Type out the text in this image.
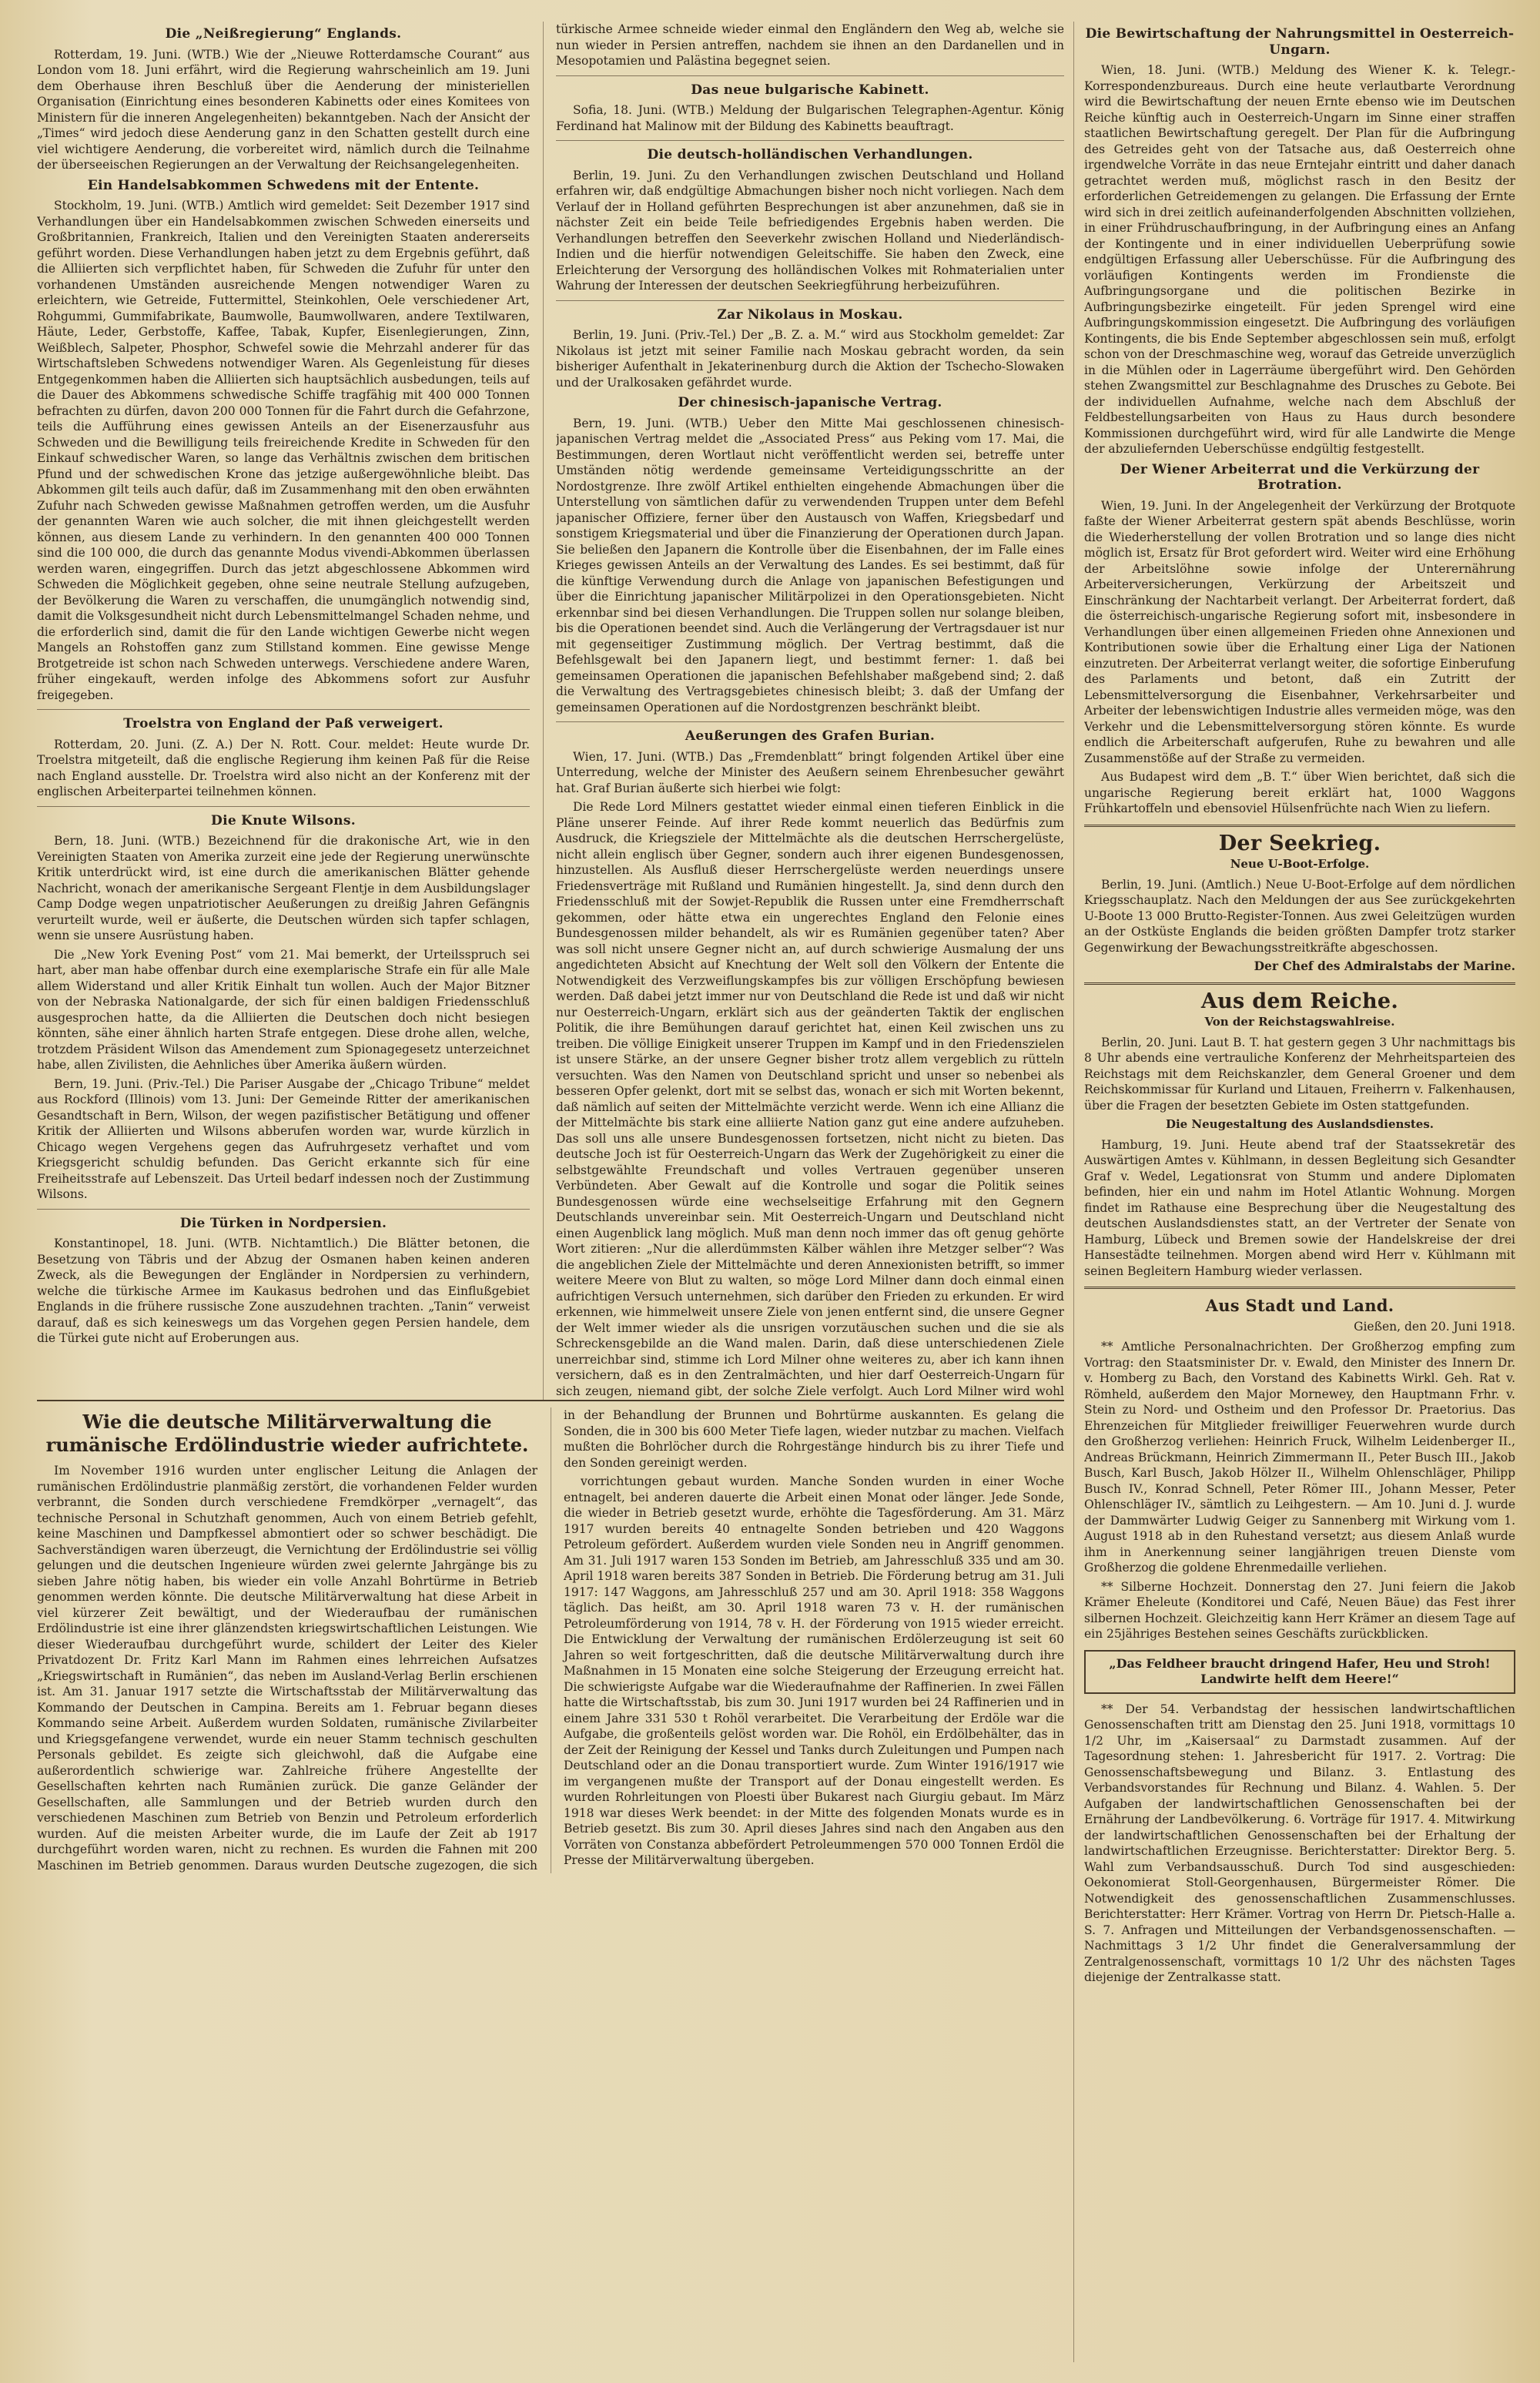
Die „Neißregierung“ Englands.

Rotterdam, 19. Juni. (WTB.) Wie der „Nieuwe Rotterdamsche Courant“ aus London vom 18. Juni erfährt, wird die Regierung wahrscheinlich am 19. Juni dem Oberhause ihren Beschluß über die Aenderung der ministeriellen Organisation (Einrichtung eines besonderen Kabinetts oder eines Komitees von Ministern für die inneren Angelegenheiten) bekanntgeben. Nach der Ansicht der „Times“ wird jedoch diese Aenderung ganz in den Schatten gestellt durch eine viel wichtigere Aenderung, die vorbereitet wird, nämlich durch die Teilnahme der überseeischen Regierungen an der Verwaltung der Reichsangelegenheiten.

Ein Handelsabkommen Schwedens mit der Entente.

Stockholm, 19. Juni. (WTB.) Amtlich wird gemeldet: Seit Dezember 1917 sind Verhandlungen über ein Handelsabkommen zwischen Schweden einerseits und Großbritannien, Frankreich, Italien und den Vereinigten Staaten andererseits geführt worden. Diese Verhandlungen haben jetzt zu dem Ergebnis geführt, daß die Alliierten sich verpflichtet haben, für Schweden die Zufuhr für unter den vorhandenen Umständen ausreichende Mengen notwendiger Waren zu erleichtern, wie Getreide, Futtermittel, Steinkohlen, Oele verschiedener Art, Rohgummi, Gummifabrikate, Baumwolle, Baumwollwaren, andere Textilwaren, Häute, Leder, Gerbstoffe, Kaffee, Tabak, Kupfer, Eisenlegierungen, Zinn, Weißblech, Salpeter, Phosphor, Schwefel sowie die Mehrzahl anderer für das Wirtschaftsleben Schwedens notwendiger Waren. Als Gegenleistung für dieses Entgegenkommen haben die Alliierten sich hauptsächlich ausbedungen, teils auf die Dauer des Abkommens schwedische Schiffe tragfähig mit 400 000 Tonnen befrachten zu dürfen, davon 200 000 Tonnen für die Fahrt durch die Gefahrzone, teils die Aufführung eines gewissen Anteils an der Eisenerzausfuhr aus Schweden und die Bewilligung teils freireichende Kredite in Schweden für den Einkauf schwedischer Waren, so lange das Verhältnis zwischen dem britischen Pfund und der schwedischen Krone das jetzige außergewöhnliche bleibt. Das Abkommen gilt teils auch dafür, daß im Zusammenhang mit den oben erwähnten Zufuhr nach Schweden gewisse Maßnahmen getroffen werden, um die Ausfuhr der genannten Waren wie auch solcher, die mit ihnen gleichgestellt werden können, aus diesem Lande zu verhindern. In den genannten 400 000 Tonnen sind die 100 000, die durch das genannte Modus vivendi-Abkommen überlassen werden waren, eingegriffen. Durch das jetzt abgeschlossene Abkommen wird Schweden die Möglichkeit gegeben, ohne seine neutrale Stellung aufzugeben, der Bevölkerung die Waren zu verschaffen, die unumgänglich notwendig sind, damit die Volksgesundheit nicht durch Lebensmittelmangel Schaden nehme, und die erforderlich sind, damit die für den Lande wichtigen Gewerbe nicht wegen Mangels an Rohstoffen ganz zum Stillstand kommen. Eine gewisse Menge Brotgetreide ist schon nach Schweden unterwegs. Verschiedene andere Waren, früher eingekauft, werden infolge des Abkommens sofort zur Ausfuhr freigegeben.

Troelstra von England der Paß verweigert.

Rotterdam, 20. Juni. (Z. A.) Der N. Rott. Cour. meldet: Heute wurde Dr. Troelstra mitgeteilt, daß die englische Regierung ihm keinen Paß für die Reise nach England ausstelle. Dr. Troelstra wird also nicht an der Konferenz mit der englischen Arbeiterpartei teilnehmen können.

Die Knute Wilsons.

Bern, 18. Juni. (WTB.) Bezeichnend für die drakonische Art, wie in den Vereinigten Staaten von Amerika zurzeit eine jede der Regierung unerwünschte Kritik unterdrückt wird, ist eine durch die amerikanischen Blätter gehende Nachricht, wonach der amerikanische Sergeant Flentje in dem Ausbildungslager Camp Dodge wegen unpatriotischer Aeußerungen zu dreißig Jahren Gefängnis verurteilt wurde, weil er äußerte, die Deutschen würden sich tapfer schlagen, wenn sie unsere Ausrüstung haben.

Die „New York Evening Post“ vom 21. Mai bemerkt, der Urteilsspruch sei hart, aber man habe offenbar durch eine exemplarische Strafe ein für alle Male allem Widerstand und aller Kritik Einhalt tun wollen. Auch der Major Bitzner von der Nebraska Nationalgarde, der sich für einen baldigen Friedensschluß ausgesprochen hatte, da die Alliierten die Deutschen doch nicht besiegen könnten, sähe einer ähnlich harten Strafe entgegen. Diese drohe allen, welche, trotzdem Präsident Wilson das Amendement zum Spionagegesetz unterzeichnet habe, allen Zivilisten, die Aehnliches über Amerika äußern würden.

Bern, 19. Juni. (Priv.-Tel.) Die Pariser Ausgabe der „Chicago Tribune“ meldet aus Rockford (Illinois) vom 13. Juni: Der Gemeinde Ritter der amerikanischen Gesandtschaft in Bern, Wilson, der wegen pazifistischer Betätigung und offener Kritik der Alliierten und Wilsons abberufen worden war, wurde kürzlich in Chicago wegen Vergehens gegen das Aufruhrgesetz verhaftet und vom Kriegsgericht schuldig befunden. Das Gericht erkannte sich für eine Freiheitsstrafe auf Lebenszeit. Das Urteil bedarf indessen noch der Zustimmung Wilsons.

Die Türken in Nordpersien.

Konstantinopel, 18. Juni. (WTB. Nichtamtlich.) Die Blätter betonen, die Besetzung von Täbris und der Abzug der Osmanen haben keinen anderen Zweck, als die Bewegungen der Engländer in Nordpersien zu verhindern, welche die türkische Armee im Kaukasus bedrohen und das Einflußgebiet Englands in die frühere russische Zone auszudehnen trachten. „Tanin“ verweist darauf, daß es sich keineswegs um das Vorgehen gegen Persien handele, dem die Türkei gute nicht auf Eroberungen aus.

türkische Armee schneide wieder einmal den Engländern den Weg ab, welche sie nun wieder in Persien antreffen, nachdem sie ihnen an den Dardanellen und in Mesopotamien und Palästina begegnet seien.

Das neue bulgarische Kabinett.

Sofia, 18. Juni. (WTB.) Meldung der Bulgarischen Telegraphen-Agentur. König Ferdinand hat Malinow mit der Bildung des Kabinetts beauftragt.

Die deutsch-holländischen Verhandlungen.

Berlin, 19. Juni. Zu den Verhandlungen zwischen Deutschland und Holland erfahren wir, daß endgültige Abmachungen bisher noch nicht vorliegen. Nach dem Verlauf der in Holland geführten Besprechungen ist aber anzunehmen, daß sie in nächster Zeit ein beide Teile befriedigendes Ergebnis haben werden. Die Verhandlungen betreffen den Seeverkehr zwischen Holland und Niederländisch-Indien und die hierfür notwendigen Geleitschiffe. Sie haben den Zweck, eine Erleichterung der Versorgung des holländischen Volkes mit Rohmaterialien unter Wahrung der Interessen der deutschen Seekriegführung herbeizuführen.

Zar Nikolaus in Moskau.

Berlin, 19. Juni. (Priv.-Tel.) Der „B. Z. a. M.“ wird aus Stockholm gemeldet: Zar Nikolaus ist jetzt mit seiner Familie nach Moskau gebracht worden, da sein bisheriger Aufenthalt in Jekaterinenburg durch die Aktion der Tschecho-Slowaken und der Uralkosaken gefährdet wurde.

Der chinesisch-japanische Vertrag.

Bern, 19. Juni. (WTB.) Ueber den Mitte Mai geschlossenen chinesisch-japanischen Vertrag meldet die „Associated Press“ aus Peking vom 17. Mai, die Bestimmungen, deren Wortlaut nicht veröffentlicht werden sei, betreffe unter Umständen nötig werdende gemeinsame Verteidigungsschritte an der Nordostgrenze. Ihre zwölf Artikel enthielten eingehende Abmachungen über die Unterstellung von sämtlichen dafür zu verwendenden Truppen unter dem Befehl japanischer Offiziere, ferner über den Austausch von Waffen, Kriegsbedarf und sonstigem Kriegsmaterial und über die Finanzierung der Operationen durch Japan. Sie beließen den Japanern die Kontrolle über die Eisenbahnen, der im Falle eines Krieges gewissen Anteils an der Verwaltung des Landes. Es sei bestimmt, daß für die künftige Verwendung durch die Anlage von japanischen Befestigungen und über die Einrichtung japanischer Militärpolizei in den Operationsgebieten. Nicht erkennbar sind bei diesen Verhandlungen. Die Truppen sollen nur solange bleiben, bis die Operationen beendet sind. Auch die Verlängerung der Vertragsdauer ist nur mit gegenseitiger Zustimmung möglich. Der Vertrag bestimmt, daß die Befehlsgewalt bei den Japanern liegt, und bestimmt ferner: 1. daß bei gemeinsamen Operationen die japanischen Befehlshaber maßgebend sind; 2. daß die Verwaltung des Vertragsgebietes chinesisch bleibt; 3. daß der Umfang der gemeinsamen Operationen auf die Nordostgrenzen beschränkt bleibt.

Aeußerungen des Grafen Burian.

Wien, 17. Juni. (WTB.) Das „Fremdenblatt“ bringt folgenden Artikel über eine Unterredung, welche der Minister des Aeußern seinem Ehrenbesucher gewährt hat. Graf Burian äußerte sich hierbei wie folgt:

Die Rede Lord Milners gestattet wieder einmal einen tieferen Einblick in die Pläne unserer Feinde. Auf ihrer Rede kommt neuerlich das Bedürfnis zum Ausdruck, die Kriegsziele der Mittelmächte als die deutschen Herrschergelüste, nicht allein englisch über Gegner, sondern auch ihrer eigenen Bundesgenossen, hinzustellen. Als Ausfluß dieser Herrschergelüste werden neuerdings unsere Friedensverträge mit Rußland und Rumänien hingestellt. Ja, sind denn durch den Friedensschluß mit der Sowjet-Republik die Russen unter eine Fremdherrschaft gekommen, oder hätte etwa ein ungerechtes England den Felonie eines Bundesgenossen milder behandelt, als wir es Rumänien gegenüber taten? Aber was soll nicht unsere Gegner nicht an, auf durch schwierige Ausmalung der uns angedichteten Absicht auf Knechtung der Welt soll den Völkern der Entente die Notwendigkeit des Verzweiflungskampfes bis zur völligen Erschöpfung bewiesen werden. Daß dabei jetzt immer nur von Deutschland die Rede ist und daß wir nicht nur Oesterreich-Ungarn, erklärt sich aus der geänderten Taktik der englischen Politik, die ihre Bemühungen darauf gerichtet hat, einen Keil zwischen uns zu treiben. Die völlige Einigkeit unserer Truppen im Kampf und in den Friedenszielen ist unsere Stärke, an der unsere Gegner bisher trotz allem vergeblich zu rütteln versuchten. Was den Namen von Deutschland spricht und unser so nebenbei als besseren Opfer gelenkt, dort mit se selbst das, wonach er sich mit Worten bekennt, daß nämlich auf seiten der Mittelmächte verzicht werde. Wenn ich eine Allianz die der Mittelmächte bis stark eine alliierte Nation ganz gut eine andere aufzuheben. Das soll uns alle unsere Bundesgenossen fortsetzen, nicht nicht zu bieten. Das deutsche Joch ist für Oesterreich-Ungarn das Werk der Zugehörigkeit zu einer die selbstgewählte Freundschaft und volles Vertrauen gegenüber unseren Verbündeten. Aber Gewalt auf die Kontrolle und sogar die Politik seines Bundesgenossen würde eine wechselseitige Erfahrung mit den Gegnern Deutschlands unvereinbar sein. Mit Oesterreich-Ungarn und Deutschland nicht einen Augenblick lang möglich. Muß man denn noch immer das oft genug gehörte Wort zitieren: „Nur die allerdümmsten Kälber wählen ihre Metzger selber“? Was die angeblichen Ziele der Mittelmächte und deren Annexionisten betrifft, so immer weitere Meere von Blut zu walten, so möge Lord Milner dann doch einmal einen aufrichtigen Versuch unternehmen, sich darüber den Frieden zu erkunden. Er wird erkennen, wie himmelweit unsere Ziele von jenen entfernt sind, die unsere Gegner der Welt immer wieder als die unsrigen vorzutäuschen suchen und die sie als Schreckensgebilde an die Wand malen. Darin, daß diese unterschiedenen Ziele unerreichbar sind, stimme ich Lord Milner ohne weiteres zu, aber ich kann ihnen versichern, daß es in den Zentralmächten, und hier darf Oesterreich-Ungarn für sich zeugen, niemand gibt, der solche Ziele verfolgt. Auch Lord Milner wird wohl

Wie die deutsche Militärverwaltung die rumänische Erdölindustrie wieder aufrichtete.

Im November 1916 wurden unter englischer Leitung die Anlagen der rumänischen Erdölindustrie planmäßig zerstört, die vorhandenen Felder wurden verbrannt, die Sonden durch verschiedene Fremdkörper „vernagelt“, das technische Personal in Schutzhaft genommen, Auch von einem Betrieb gefehlt, keine Maschinen und Dampfkessel abmontiert oder so schwer beschädigt. Die Sachverständigen waren überzeugt, die Vernichtung der Erdölindustrie sei völlig gelungen und die deutschen Ingenieure würden zwei gelernte Jahrgänge bis zu sieben Jahre nötig haben, bis wieder ein volle Anzahl Bohrtürme in Betrieb genommen werden könnte. Die deutsche Militärverwaltung hat diese Arbeit in viel kürzerer Zeit bewältigt, und der Wiederaufbau der rumänischen Erdölindustrie ist eine ihrer glänzendsten kriegswirtschaftlichen Leistungen. Wie dieser Wiederaufbau durchgeführt wurde, schildert der Leiter des Kieler Privatdozent Dr. Fritz Karl Mann im Rahmen eines lehrreichen Aufsatzes „Kriegswirtschaft in Rumänien“, das neben im Ausland-Verlag Berlin erschienen ist. Am 31. Januar 1917 setzte die Wirtschaftsstab der Militärverwaltung das Kommando der Deutschen in Campina. Bereits am 1. Februar begann dieses Kommando seine Arbeit. Außerdem wurden Soldaten, rumänische Zivilarbeiter und Kriegsgefangene verwendet, wurde ein neuer Stamm technisch geschulten Personals gebildet. Es zeigte sich gleichwohl, daß die Aufgabe eine außerordentlich schwierige war. Zahlreiche frühere Angestellte der Gesellschaften kehrten nach Rumänien zurück. Die ganze Geländer der Gesellschaften, alle Sammlungen und der Betrieb wurden durch den verschiedenen Maschinen zum Betrieb von Benzin und Petroleum erforderlich wurden. Auf die meisten Arbeiter wurde, die im Laufe der Zeit ab 1917 durchgeführt worden waren, nicht zu rechnen. Es wurden die Fahnen mit 200 Maschinen im Betrieb genommen. Daraus wurden Deutsche zugezogen, die sich in der Behandlung der Brunnen und Bohrtürme auskannten. Es gelang die Sonden, die in 300 bis 600 Meter Tiefe lagen, wieder nutzbar zu machen. Vielfach mußten die Bohrlöcher durch die Rohrgestänge hindurch bis zu ihrer Tiefe und den Sonden gereinigt werden.

vorrichtungen gebaut wurden. Manche Sonden wurden in einer Woche entnagelt, bei anderen dauerte die Arbeit einen Monat oder länger. Jede Sonde, die wieder in Betrieb gesetzt wurde, erhöhte die Tagesförderung. Am 31. März 1917 wurden bereits 40 entnagelte Sonden betrieben und 420 Waggons Petroleum gefördert. Außerdem wurden viele Sonden neu in Angriff genommen. Am 31. Juli 1917 waren 153 Sonden im Betrieb, am Jahresschluß 335 und am 30. April 1918 waren bereits 387 Sonden in Betrieb. Die Förderung betrug am 31. Juli 1917: 147 Waggons, am Jahresschluß 257 und am 30. April 1918: 358 Waggons täglich. Das heißt, am 30. April 1918 waren 73 v. H. der rumänischen Petroleumförderung von 1914, 78 v. H. der Förderung von 1915 wieder erreicht. Die Entwicklung der Verwaltung der rumänischen Erdölerzeugung ist seit 60 Jahren so weit fortgeschritten, daß die deutsche Militärverwaltung durch ihre Maßnahmen in 15 Monaten eine solche Steigerung der Erzeugung erreicht hat. Die schwierigste Aufgabe war die Wiederaufnahme der Raffinerien. In zwei Fällen hatte die Wirtschaftsstab, bis zum 30. Juni 1917 wurden bei 24 Raffinerien und in einem Jahre 331 530 t Rohöl verarbeitet. Die Verarbeitung der Erdöle war die Aufgabe, die großenteils gelöst worden war. Die Rohöl, ein Erdölbehälter, das in der Zeit der Reinigung der Kessel und Tanks durch Zuleitungen und Pumpen nach Deutschland oder an die Donau transportiert wurde. Zum Winter 1916/1917 wie im vergangenen mußte der Transport auf der Donau eingestellt werden. Es wurden Rohrleitungen von Ploesti über Bukarest nach Giurgiu gebaut. Im März 1918 war dieses Werk beendet: in der Mitte des folgenden Monats wurde es in Betrieb gesetzt. Bis zum 30. April dieses Jahres sind nach den Angaben aus den Vorräten von Constanza abbefördert Petroleummengen 570 000 Tonnen Erdöl die Presse der Militärverwaltung übergeben.

Die Bewirtschaftung der Nahrungsmittel in Oesterreich-Ungarn.

Wien, 18. Juni. (WTB.) Meldung des Wiener K. k. Telegr.-Korrespondenzbureaus. Durch eine heute verlautbarte Verordnung wird die Bewirtschaftung der neuen Ernte ebenso wie im Deutschen Reiche künftig auch in Oesterreich-Ungarn im Sinne einer straffen staatlichen Bewirtschaftung geregelt. Der Plan für die Aufbringung des Getreides geht von der Tatsache aus, daß Oesterreich ohne irgendwelche Vorräte in das neue Erntejahr eintritt und daher danach getrachtet werden muß, möglichst rasch in den Besitz der erforderlichen Getreidemengen zu gelangen. Die Erfassung der Ernte wird sich in drei zeitlich aufeinanderfolgenden Abschnitten vollziehen, in einer Frühdruschaufbringung, in der Aufbringung eines an Anfang der Kontingente und in einer individuellen Ueberprüfung sowie endgültigen Erfassung aller Ueberschüsse. Für die Aufbringung des vorläufigen Kontingents werden im Frondienste die Aufbringungsorgane und die politischen Bezirke in Aufbringungsbezirke eingeteilt. Für jeden Sprengel wird eine Aufbringungskommission eingesetzt. Die Aufbringung des vorläufigen Kontingents, die bis Ende September abgeschlossen sein muß, erfolgt schon von der Dreschmaschine weg, worauf das Getreide unverzüglich in die Mühlen oder in Lagerräume übergeführt wird. Den Gehörden stehen Zwangsmittel zur Beschlagnahme des Drusches zu Gebote. Bei der individuellen Aufnahme, welche nach dem Abschluß der Feldbestellungsarbeiten von Haus zu Haus durch besondere Kommissionen durchgeführt wird, wird für alle Landwirte die Menge der abzuliefernden Ueberschüsse endgültig festgestellt.

Der Wiener Arbeiterrat und die Verkürzung der Brotration.

Wien, 19. Juni. In der Angelegenheit der Verkürzung der Brotquote faßte der Wiener Arbeiterrat gestern spät abends Beschlüsse, worin die Wiederherstellung der vollen Brotration und so lange dies nicht möglich ist, Ersatz für Brot gefordert wird. Weiter wird eine Erhöhung der Arbeitslöhne sowie infolge der Unterernährung Arbeiterversicherungen, Verkürzung der Arbeitszeit und Einschränkung der Nachtarbeit verlangt. Der Arbeiterrat fordert, daß die österreichisch-ungarische Regierung sofort mit, insbesondere in Verhandlungen über einen allgemeinen Frieden ohne Annexionen und Kontributionen sowie über die Erhaltung einer Liga der Nationen einzutreten. Der Arbeiterrat verlangt weiter, die sofortige Einberufung des Parlaments und betont, daß ein Zutritt der Lebensmittelversorgung die Eisenbahner, Verkehrsarbeiter und Arbeiter der lebenswichtigen Industrie alles vermeiden möge, was den Verkehr und die Lebensmittelversorgung stören könnte. Es wurde endlich die Arbeiterschaft aufgerufen, Ruhe zu bewahren und alle Zusammenstöße auf der Straße zu vermeiden.

Aus Budapest wird dem „B. T.“ über Wien berichtet, daß sich die ungarische Regierung bereit erklärt hat, 1000 Waggons Frühkartoffeln und ebensoviel Hülsenfrüchte nach Wien zu liefern.

Der Seekrieg.
Neue U-Boot-Erfolge.

Berlin, 19. Juni. (Amtlich.) Neue U-Boot-Erfolge auf dem nördlichen Kriegsschauplatz. Nach den Meldungen der aus See zurückgekehrten U-Boote 13 000 Brutto-Register-Tonnen. Aus zwei Geleitzügen wurden an der Ostküste Englands die beiden größten Dampfer trotz starker Gegenwirkung der Bewachungsstreitkräfte abgeschossen.

Der Chef des Admiralstabs der Marine.
Aus dem Reiche.
Von der Reichstagswahlreise.

Berlin, 20. Juni. Laut B. T. hat gestern gegen 3 Uhr nachmittags bis 8 Uhr abends eine vertrauliche Konferenz der Mehrheitsparteien des Reichstags mit dem Reichskanzler, dem General Groener und dem Reichskommissar für Kurland und Litauen, Freiherrn v. Falkenhausen, über die Fragen der besetzten Gebiete im Osten stattgefunden.

Die Neugestaltung des Auslandsdienstes.

Hamburg, 19. Juni. Heute abend traf der Staatssekretär des Auswärtigen Amtes v. Kühlmann, in dessen Begleitung sich Gesandter Graf v. Wedel, Legationsrat von Stumm und andere Diplomaten befinden, hier ein und nahm im Hotel Atlantic Wohnung. Morgen findet im Rathause eine Besprechung über die Neugestaltung des deutschen Auslandsdienstes statt, an der Vertreter der Senate von Hamburg, Lübeck und Bremen sowie der Handelskreise der drei Hansestädte teilnehmen. Morgen abend wird Herr v. Kühlmann mit seinen Begleitern Hamburg wieder verlassen.

Aus Stadt und Land.
Gießen, den 20. Juni 1918.

** Amtliche Personalnachrichten. Der Großherzog empfing zum Vortrag: den Staatsminister Dr. v. Ewald, den Minister des Innern Dr. v. Homberg zu Bach, den Vorstand des Kabinetts Wirkl. Geh. Rat v. Römheld, außerdem den Major Mornewey, den Hauptmann Frhr. v. Stein zu Nord- und Ostheim und den Professor Dr. Praetorius. Das Ehrenzeichen für Mitglieder freiwilliger Feuerwehren wurde durch den Großherzog verliehen: Heinrich Fruck, Wilhelm Leidenberger II., Andreas Brückmann, Heinrich Zimmermann II., Peter Busch III., Jakob Busch, Karl Busch, Jakob Hölzer II., Wilhelm Ohlenschläger, Philipp Busch IV., Konrad Schnell, Peter Römer III., Johann Messer, Peter Ohlenschläger IV., sämtlich zu Leihgestern. — Am 10. Juni d. J. wurde der Dammwärter Ludwig Geiger zu Sannenberg mit Wirkung vom 1. August 1918 ab in den Ruhestand versetzt; aus diesem Anlaß wurde ihm in Anerkennung seiner langjährigen treuen Dienste vom Großherzog die goldene Ehrenmedaille verliehen.

** Silberne Hochzeit. Donnerstag den 27. Juni feiern die Jakob Krämer Eheleute (Konditorei und Café, Neuen Bäue) das Fest ihrer silbernen Hochzeit. Gleichzeitig kann Herr Krämer an diesem Tage auf ein 25jähriges Bestehen seines Geschäfts zurückblicken.

„Das Feldheer braucht dringend Hafer, Heu und Stroh! Landwirte helft dem Heere!“

** Der 54. Verbandstag der hessischen landwirtschaftlichen Genossenschaften tritt am Dienstag den 25. Juni 1918, vormittags 10 1/2 Uhr, im „Kaisersaal“ zu Darmstadt zusammen. Auf der Tagesordnung stehen: 1. Jahresbericht für 1917. 2. Vortrag: Die Genossenschaftsbewegung und Bilanz. 3. Entlastung des Verbandsvorstandes für Rechnung und Bilanz. 4. Wahlen. 5. Der Aufgaben der landwirtschaftlichen Genossenschaften bei der Ernährung der Landbevölkerung. 6. Vorträge für 1917. 4. Mitwirkung der landwirtschaftlichen Genossenschaften bei der Erhaltung der landwirtschaftlichen Erzeugnisse. Berichterstatter: Direktor Berg. 5. Wahl zum Verbandsausschuß. Durch Tod sind ausgeschieden: Oekonomierat Stoll-Georgenhausen, Bürgermeister Römer. Die Notwendigkeit des genossenschaftlichen Zusammenschlusses. Berichterstatter: Herr Krämer. Vortrag von Herrn Dr. Pietsch-Halle a. S. 7. Anfragen und Mitteilungen der Verbandsgenossenschaften. — Nachmittags 3 1/2 Uhr findet die Generalversammlung der Zentralgenossenschaft, vormittags 10 1/2 Uhr des nächsten Tages diejenige der Zentralkasse statt.
